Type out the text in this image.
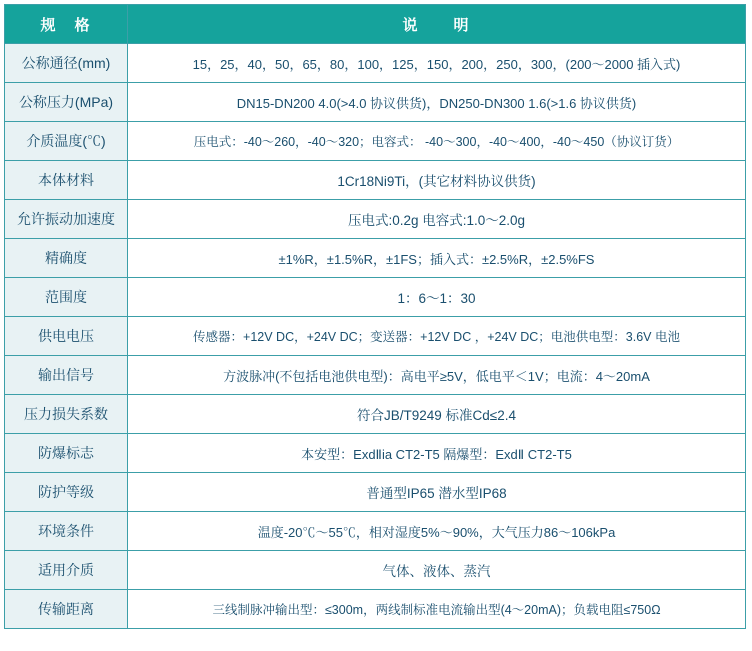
规　格	说　　明
公称通径(mm)	15，25，40，50，65，80，100，125，150，200，250，300，(200～2000 插入式)
公称压力(MPa)	DN15-DN200 4.0(>4.0 协议供货)，DN250-DN300 1.6(>1.6 协议供货)
介质温度(℃)	压电式：-40～260，-40～320；电容式： -40～300，-40～400，-40～450（协议订货）
本体材料	1Cr18Ni9Ti，(其它材料协议供货)
允许振动加速度	压电式:0.2g 电容式:1.0～2.0g
精确度	±1%R，±1.5%R，±1FS；插入式：±2.5%R，±2.5%FS
范围度	1：6～1：30
供电电压	传感器：+12V DC，+24V DC；变送器：+12V DC ，+24V DC；电池供电型：3.6V 电池
输出信号	方波脉冲(不包括电池供电型)：高电平≥5V，低电平＜1V；电流：4～20mA
压力损失系数	符合JB/T9249 标准Cd≤2.4
防爆标志	本安型：ExdⅡia CT2-T5 隔爆型：ExdⅡ CT2-T5
防护等级	普通型IP65 潜水型IP68
环境条件	温度-20℃～55℃，相对湿度5%～90%，大气压力86～106kPa
适用介质	气体、液体、蒸汽
传输距离	三线制脉冲输出型：≤300m，两线制标准电流输出型(4～20mA)；负载电阻≤750Ω
